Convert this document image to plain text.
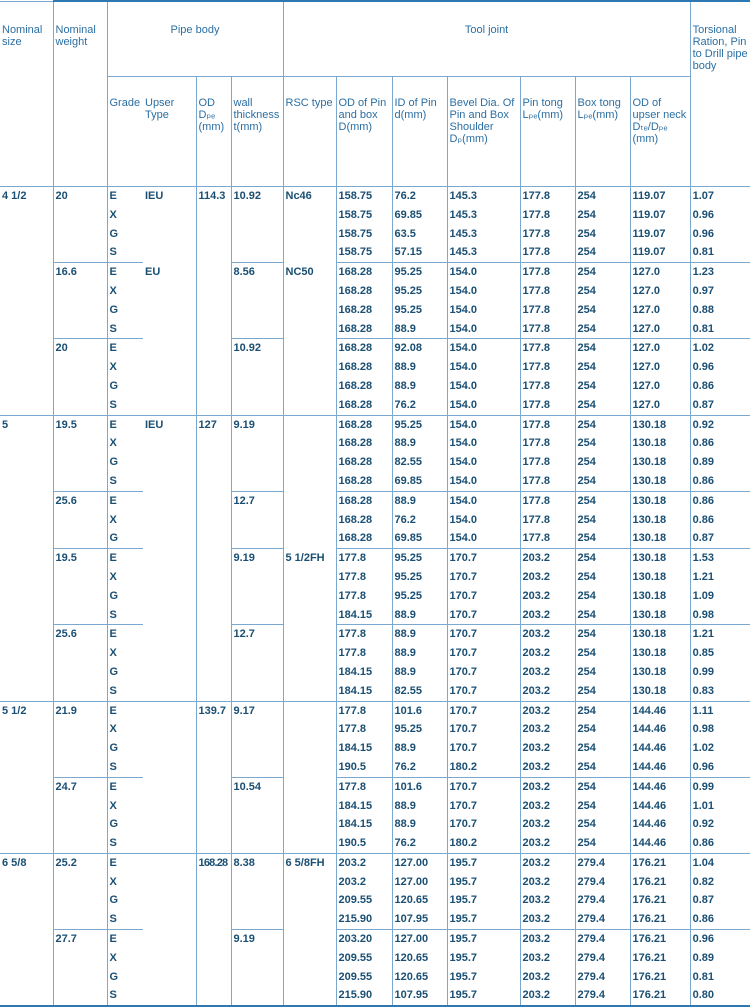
Nominal size	Nominal weight	Pipe body				Tool joint							Torsional Ration, Pin to Drill pipe body
		Grade	Upser Type	OD Dₚₑ (mm)	wall thickness t(mm)	RSC type	OD of Pin and box D(mm)	ID of Pin d(mm)	Bevel Dia. Of Pin and Box Shoulder Dₚ(mm)	Pin tong Lₚₑ(mm)	Box tong Lₚₑ(mm)	OD of upser neck Dₜₑ/Dₚₑ (mm)	
4 1/2	20	E	IEU	114.3	10.92	Nc46	158.75	76.2	145.3	177.8	254	119.07	1.07
		X					158.75	69.85	145.3	177.8	254	119.07	0.96
		G					158.75	63.5	145.3	177.8	254	119.07	0.96
		S					158.75	57.15	145.3	177.8	254	119.07	0.81
	16.6	E	EU		8.56	NC50	168.28	95.25	154.0	177.8	254	127.0	1.23
		X					168.28	95.25	154.0	177.8	254	127.0	0.97
		G					168.28	95.25	154.0	177.8	254	127.0	0.88
		S					168.28	88.9	154.0	177.8	254	127.0	0.81
	20	E			10.92		168.28	92.08	154.0	177.8	254	127.0	1.02
		X					168.28	88.9	154.0	177.8	254	127.0	0.96
		G					168.28	88.9	154.0	177.8	254	127.0	0.86
		S					168.28	76.2	154.0	177.8	254	127.0	0.87
5	19.5	E	IEU	127	9.19		168.28	95.25	154.0	177.8	254	130.18	0.92
		X					168.28	88.9	154.0	177.8	254	130.18	0.86
		G					168.28	82.55	154.0	177.8	254	130.18	0.89
		S					168.28	69.85	154.0	177.8	254	130.18	0.86
	25.6	E			12.7		168.28	88.9	154.0	177.8	254	130.18	0.86
		X					168.28	76.2	154.0	177.8	254	130.18	0.86
		G					168.28	69.85	154.0	177.8	254	130.18	0.87
	19.5	E			9.19	5 1/2FH	177.8	95.25	170.7	203.2	254	130.18	1.53
		X					177.8	95.25	170.7	203.2	254	130.18	1.21
		G					177.8	95.25	170.7	203.2	254	130.18	1.09
		S					184.15	88.9	170.7	203.2	254	130.18	0.98
	25.6	E			12.7		177.8	88.9	170.7	203.2	254	130.18	1.21
		X					177.8	88.9	170.7	203.2	254	130.18	0.85
		G					184.15	88.9	170.7	203.2	254	130.18	0.99
		S					184.15	82.55	170.7	203.2	254	130.18	0.83
5 1/2	21.9	E		139.7	9.17		177.8	101.6	170.7	203.2	254	144.46	1.11
		X					177.8	95.25	170.7	203.2	254	144.46	0.98
		G					184.15	88.9	170.7	203.2	254	144.46	1.02
		S					190.5	76.2	180.2	203.2	254	144.46	0.96
	24.7	E			10.54		177.8	101.6	170.7	203.2	254	144.46	0.99
		X					184.15	88.9	170.7	203.2	254	144.46	1.01
		G					184.15	88.9	170.7	203.2	254	144.46	0.92
		S					190.5	76.2	180.2	203.2	254	144.46	0.86
6 5/8	25.2	E		168.28	8.38	6 5/8FH	203.2	127.00	195.7	203.2	279.4	176.21	1.04
		X					203.2	127.00	195.7	203.2	279.4	176.21	0.82
		G					209.55	120.65	195.7	203.2	279.4	176.21	0.87
		S					215.90	107.95	195.7	203.2	279.4	176.21	0.86
	27.7	E			9.19		203.20	127.00	195.7	203.2	279.4	176.21	0.96
		X					209.55	120.65	195.7	203.2	279.4	176.21	0.89
		G					209.55	120.65	195.7	203.2	279.4	176.21	0.81
		S					215.90	107.95	195.7	203.2	279.4	176.21	0.80
